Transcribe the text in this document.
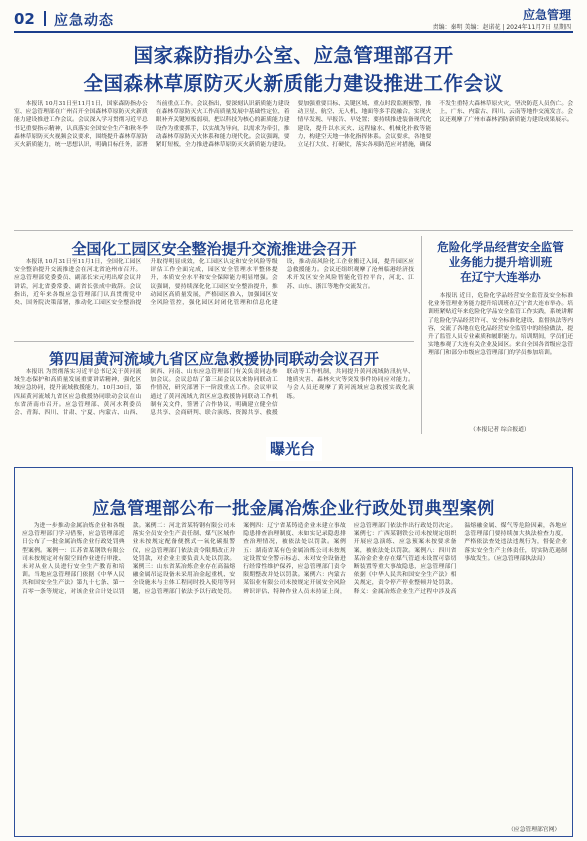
02 应急动态	应急管理
责编：秦明 美编：赵诺花 | 2024年11月7日 星期四
国家森防指办公室、应急管理部召开
全国森林草原防灭火新质能力建设推进工作会议

本报讯 10月31日至11月1日，国家森防指办公室、应急管理部在广州召开全国森林草原防灭火新质能力建设推进工作会议。会议深入学习贯彻习近平总书记重要指示精神，认真落实全国安全生产和秋冬季森林草原防灭火视频会议要求，围绕提升森林草原防灭火新质能力，统一思想认识，明确目标任务，部署当前重点工作。会议指出，要深刻认识新质能力建设在森林草原防灭火工作高质量发展中基础性定位，着眼补齐关键短板弱项，把以科技为核心的新质能力建设作为重要抓手，以实战为导向，以需求为牵引，推动森林草原防灭火体系和能力现代化。会议强调，要紧盯短板，全力推进森林草原防灭火新质能力建设。要加强重要目标、关键区域、重点时段监测预警，推动卫星、航空、无人机、地面等多手段融合，实现火情早发现、早报告、早处置；要持续推进装备现代化建设，提升以水灭火、远程输水、机械化扑救等能力，构建空天地一体化指挥体系。会议要求，各地要立足打大仗、打硬仗，落实各项防范应对措施，确保不发生重特大森林草原火灾，坚决防范人员伤亡。会上，广东、内蒙古、四川、云南等地作交流发言。会议还观摩了广州市森林消防新质能力建设成果展示。

全国化工园区安全整治提升交流推进会召开

本报讯 10月31日至11月1日，全国化工园区安全整治提升交流推进会在河北省沧州市召开。应急管理部党委委员、副部长宋元明出席会议并讲话，河北省委常委、副省长张成中致辞。会议指出，近年来各级应急管理部门认真贯彻党中央、国务院决策部署，推动化工园区安全整治提升取得明显成效，化工园区认定和安全风险等级评估工作全面完成，园区安全管理水平整体提升，本质安全水平和安全保障能力明显增强。会议强调，要持续深化化工园区安全整治提升，推动园区高质量发展，严格园区准入，加强园区安全风险管控，强化园区封闭化管理和信息化建设，推动高风险化工企业搬迁入园，提升园区应急救援能力。会议还组织观摩了沧州临港经济技术开发区安全风险智能化管控平台，河北、江苏、山东、浙江等地作交流发言。

第四届黄河流域九省区应急救援协同联动会议召开

本报讯 为贯彻落实习近平总书记关于黄河流域生态保护和高质量发展重要讲话精神，强化区域应急协同，提升流域救援能力，10月30日，第四届黄河流域九省区应急救援协同联动会议在山东省济南市召开。应急管理部、黄河水利委员会、青海、四川、甘肃、宁夏、内蒙古、山西、陕西、河南、山东应急管理部门有关负责同志参加会议。会议总结了第三届会议以来协同联动工作情况，研究部署下一阶段重点工作。会议审议通过了黄河流域九省区应急救援协同联动工作机制有关文件，签署了合作协议，明确建立健全信息共享、会商研判、联合演练、资源共享、救援联动等工作机制，共同提升黄河流域防汛抗旱、地质灾害、森林火灾等突发事件协同应对能力。与会人员还观摩了黄河流域应急救援实战化演练。

危险化学品经营安全监管
业务能力提升培训班
在辽宁大连举办

本报讯 近日，危险化学品经营安全监管及安全标准化业务管理业务能力提升培训班在辽宁省大连市举办。培训班紧贴近年来危险化学品安全监管工作实践，系统讲解了危险化学品经营许可、安全标准化建设、监督执法等内容，交流了各地在危化品经营安全监管中的经验做法，提升了监管人员专业素质和履职能力。培训期间，学员们还实地参观了大连有关企业及园区。来自全国各省级应急管理部门和部分市级应急管理部门的学员参加培训。

（本报记者 综合报道）
曝光台
应急管理部公布一批金属冶炼企业行政处罚典型案例

为进一步推动金属冶炼企业和各级应急管理部门学习借鉴，应急管理部近日公布了一批金属冶炼企业行政处罚典型案例。案例一：江苏省某钢铁有限公司未按规定对有限空间作业进行审批、未对从业人员进行安全生产教育和培训。当地应急管理部门依据《中华人民共和国安全生产法》第九十七条、第一百零一条等规定，对该企业合计处以罚款。案例二：河北省某特钢有限公司未落实全员安全生产责任制、煤气区域作业未按规定配备便携式一氧化碳报警仪，应急管理部门依法责令限期改正并处罚款，对企业主要负责人处以罚款。案例三：山东省某冶炼企业存在高温熔融金属吊运设备未采用冶金起重机、安全设施未与主体工程同时投入使用等问题，应急管理部门依法予以行政处罚。案例四：辽宁省某铸造企业未建立事故隐患排查治理制度、未如实记录隐患排查治理情况，被依法处以罚款。案例五：湖南省某有色金属冶炼公司未按规定设置安全警示标志、未对安全设备进行经常性维护保养，应急管理部门责令限期整改并处以罚款。案例六：内蒙古某铝业有限公司未按规定开展安全风险辨识评估、特种作业人员未持证上岗，应急管理部门依法作出行政处罚决定。案例七：广西某钢铁公司未按规定组织开展应急演练、应急预案未按要求备案，被依法处以罚款。案例八：四川省某冶金企业存在煤气管道未设置可靠切断装置等重大事故隐患，应急管理部门依据《中华人民共和国安全生产法》相关规定，责令停产停业整顿并处罚款。释义：金属冶炼企业生产过程中涉及高温熔融金属、煤气等危险因素，各地应急管理部门要持续加大执法检查力度，严格依法查处违法违规行为，督促企业落实安全生产主体责任，切实防范遏制事故发生。（应急管理部执法局）

（应急管理部官网）
